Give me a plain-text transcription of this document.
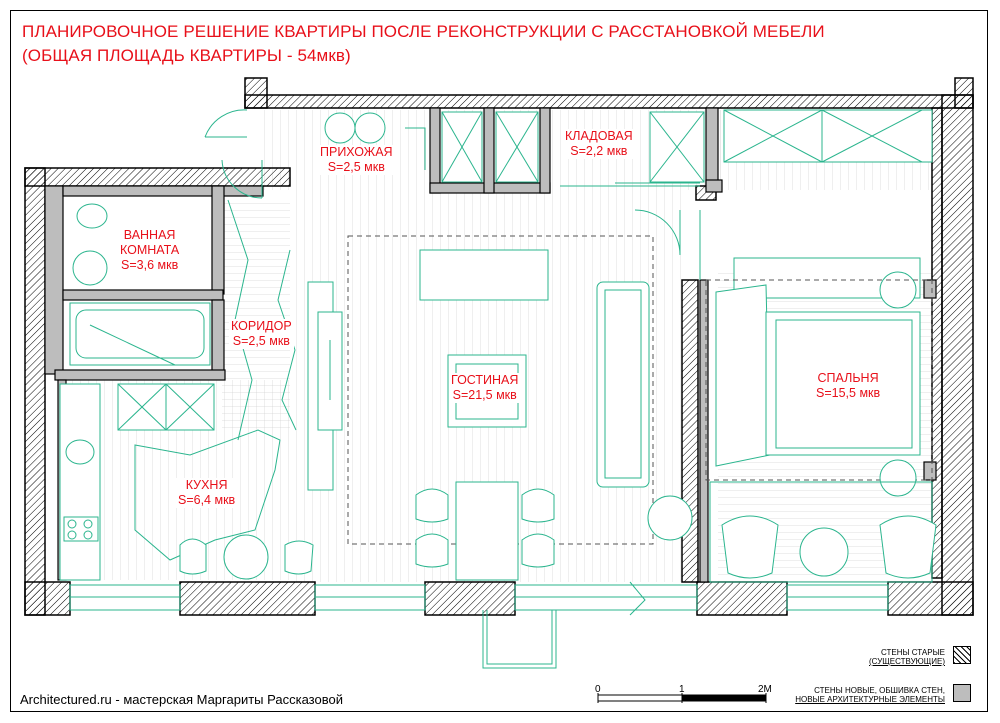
ПЛАНИРОВОЧНОЕ РЕШЕНИЕ КВАРТИРЫ ПОСЛЕ РЕКОНСТРУКЦИИ С РАССТАНОВКОЙ МЕБЕЛИ
(ОБЩАЯ ПЛОЩАДЬ КВАРТИРЫ - 54мкв)
ПРИХОЖАЯ
S=2,5 мкв
КЛАДОВАЯ
S=2,2 мкв
ВАННАЯ
КОМНАТА
S=3,6 мкв
КОРИДОР
S=2,5 мкв
ГОСТИНАЯ
S=21,5 мкв
СПАЛЬНЯ
S=15,5 мкв
КУХНЯ
S=6,4 мкв
Architectured.ru - мастерская Маргариты Рассказовой
0	1	2M
СТЕНЫ СТАРЫЕ
(СУЩЕСТВУЮЩИЕ)
СТЕНЫ НОВЫЕ, ОБШИВКА СТЕН,
НОВЫЕ АРХИТЕКТУРНЫЕ ЭЛЕМЕНТЫ
